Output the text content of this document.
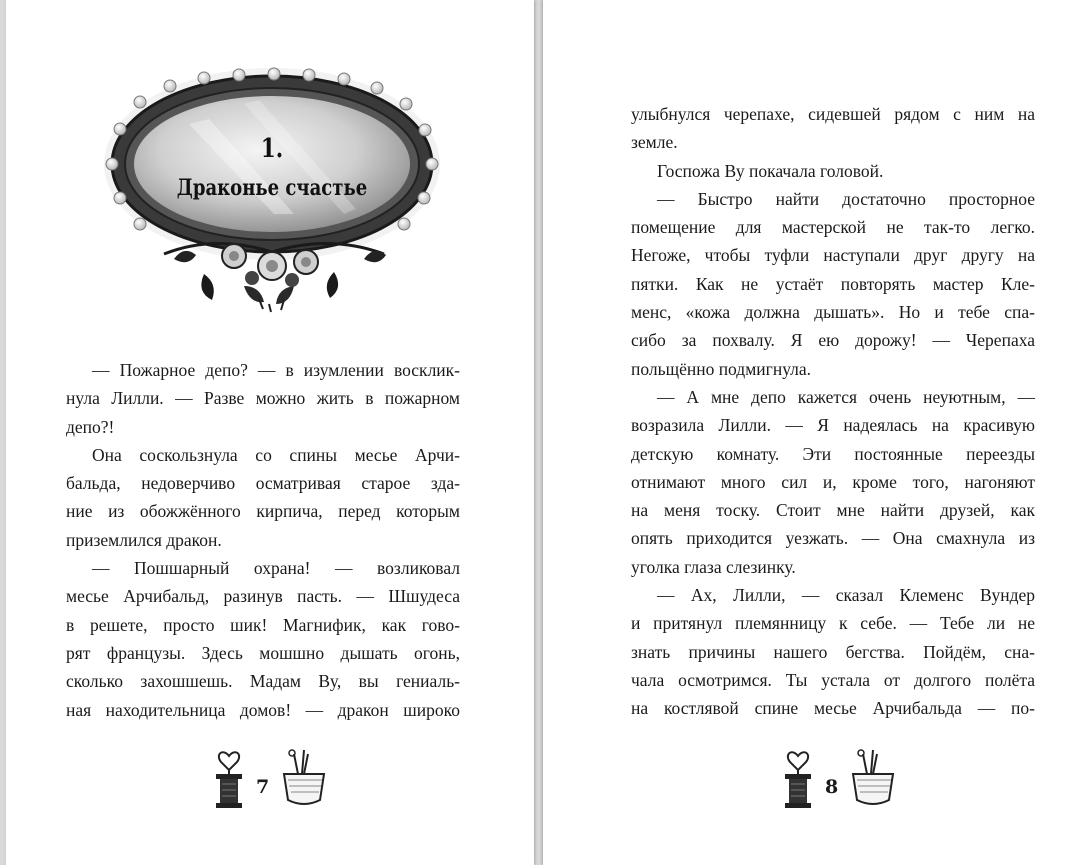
1.
Драконье счастье
— Пожарное депо? — в изумлении восклик-
нула Лилли. — Разве можно жить в пожарном
депо?!
Она соскользнула со спины месье Арчи-
бальда, недоверчиво осматривая старое зда-
ние из обожжённого кирпича, перед которым
приземлился дракон.
— Пошшарный охрана! — возликовал
месье Арчибальд, разинув пасть. — Шшудеса
в решете, просто шик! Магнифик, как гово-
рят французы. Здесь мошшно дышать огонь,
сколько захошшешь. Мадам Ву, вы гениаль-
ная находительница домов! — дракон широко
7
улыбнулся черепахе, сидевшей рядом с ним на
земле.
Госпожа Ву покачала головой.
— Быстро найти достаточно просторное
помещение для мастерской не так-то легко.
Негоже, чтобы туфли наступали друг другу на
пятки. Как не устаёт повторять мастер Кле-
менс, «кожа должна дышать». Но и тебе спа-
сибо за похвалу. Я ею дорожу! — Черепаха
польщённо подмигнула.
— А мне депо кажется очень неуютным, —
возразила Лилли. — Я надеялась на красивую
детскую комнату. Эти постоянные переезды
отнимают много сил и, кроме того, нагоняют
на меня тоску. Стоит мне найти друзей, как
опять приходится уезжать. — Она смахнула из
уголка глаза слезинку.
— Ах, Лилли, — сказал Клеменс Вундер
и притянул племянницу к себе. — Тебе ли не
знать причины нашего бегства. Пойдём, сна-
чала осмотримся. Ты устала от долгого полёта
на костлявой спине месье Арчибальда — по-
8
